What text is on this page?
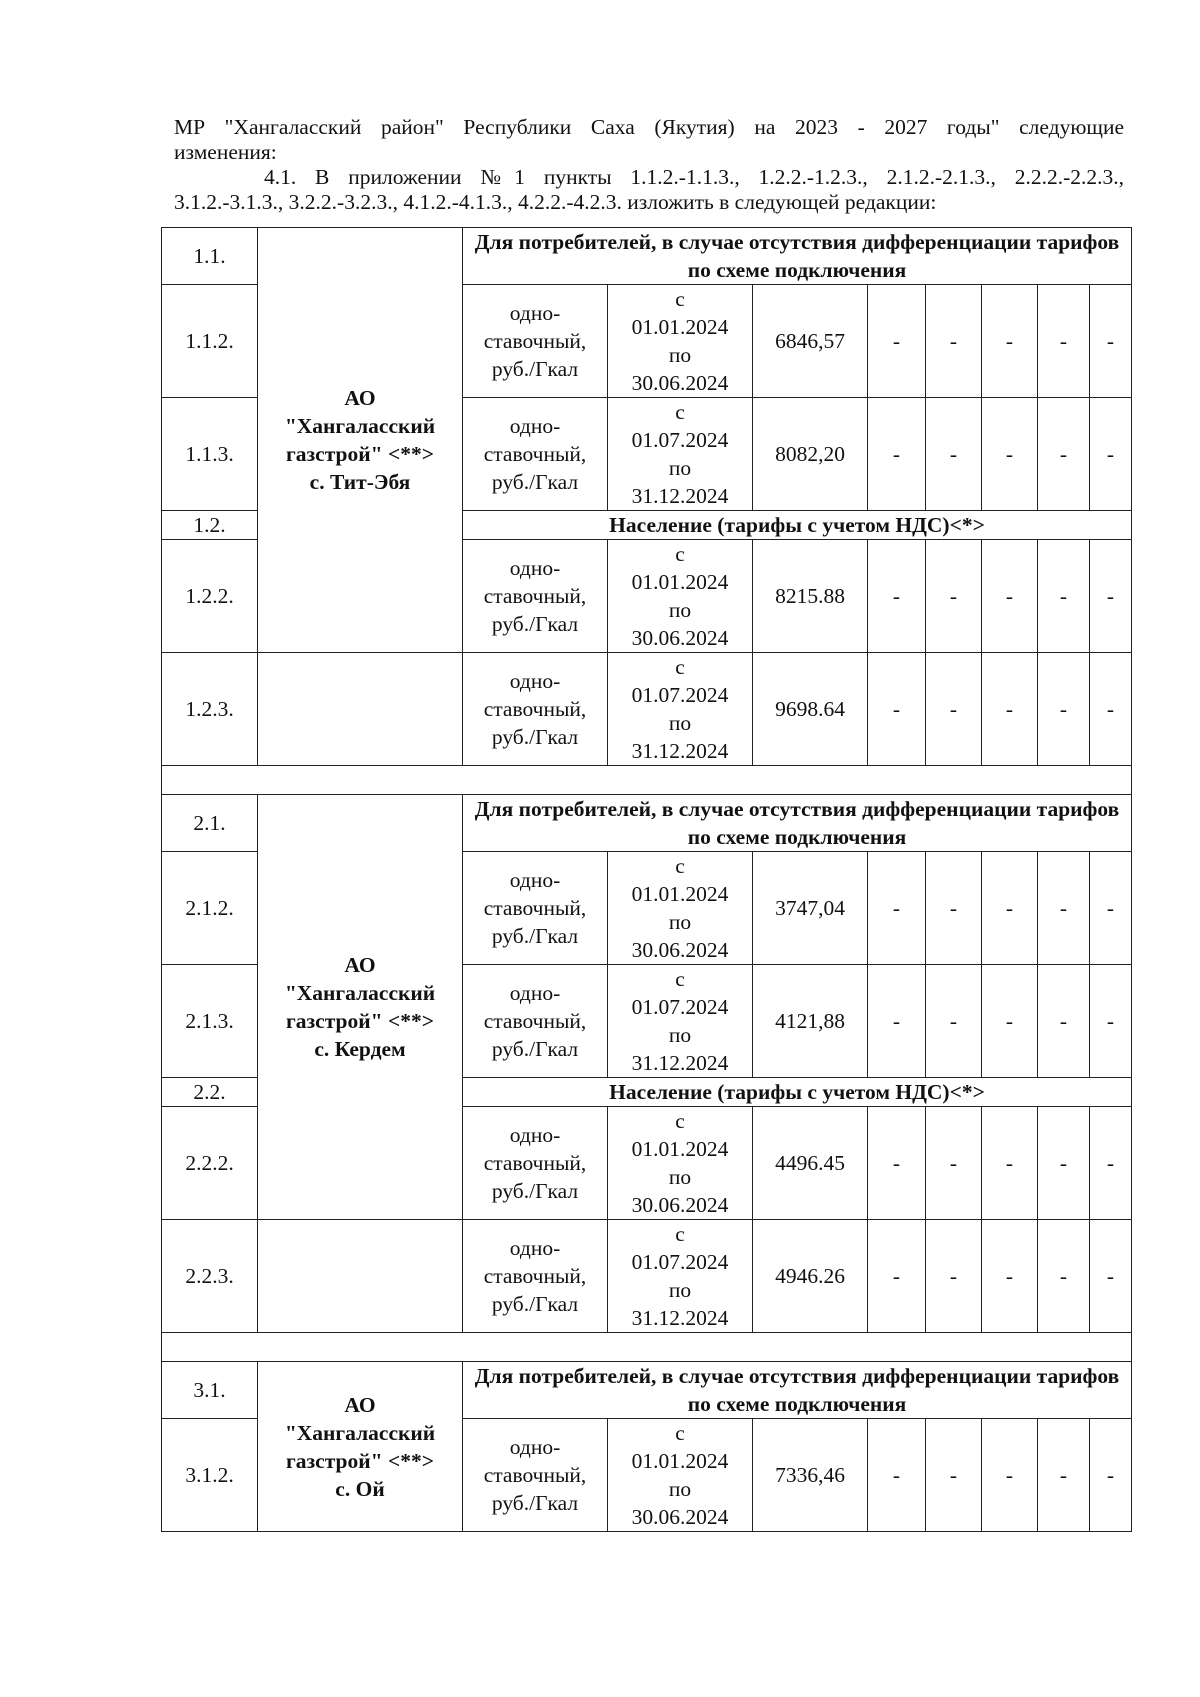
МР "Хангаласский район" Республики Саха (Якутия) на 2023 - 2027 годы" следующие

изменения:

4.1. В приложении №1 пункты 1.1.2.-1.1.3., 1.2.2.-1.2.3., 2.1.2.-2.1.3., 2.2.2.-2.2.3.,

3.1.2.-3.1.3., 3.2.2.-3.2.3., 4.1.2.-4.1.3., 4.2.2.-4.2.3. изложить в следующей редакции:

1.1.	АО
"Хангаласский
газстрой" <**>
с. Тит-Эбя	Для потребителей, в случае отсутствия дифференциации тарифов по схеме подключения							
1.1.2.		одно-ставочный, руб./Гкал	с
01.01.2024
по
30.06.2024	6846,57	-	-	-	-	-
1.1.3.		одно-ставочный, руб./Гкал	с
01.07.2024
по
31.12.2024	8082,20	-	-	-	-	-
1.2.		Население (тарифы с учетом НДС)<*>							
1.2.2.		одно-ставочный, руб./Гкал	с
01.01.2024
по
30.06.2024	8215.88	-	-	-	-	-
1.2.3.		одно-ставочный, руб./Гкал	с
01.07.2024
по
31.12.2024	9698.64	-	-	-	-	-

2.1.	АО
"Хангаласский
газстрой" <**>
с. Кердем	Для потребителей, в случае отсутствия дифференциации тарифов по схеме подключения							
2.1.2.		одно-ставочный, руб./Гкал	с
01.01.2024
по
30.06.2024	3747,04	-	-	-	-	-
2.1.3.		одно-ставочный, руб./Гкал	с
01.07.2024
по
31.12.2024	4121,88	-	-	-	-	-
2.2.		Население (тарифы с учетом НДС)<*>							
2.2.2.		одно-ставочный, руб./Гкал	с
01.01.2024
по
30.06.2024	4496.45	-	-	-	-	-
2.2.3.		одно-ставочный, руб./Гкал	с
01.07.2024
по
31.12.2024	4946.26	-	-	-	-	-

3.1.	АО
"Хангаласский
газстрой" <**>
с. Ой	Для потребителей, в случае отсутствия дифференциации тарифов по схеме подключения							
3.1.2.		одно-ставочный, руб./Гкал	с
01.01.2024
по
30.06.2024	7336,46	-	-	-	-	-
